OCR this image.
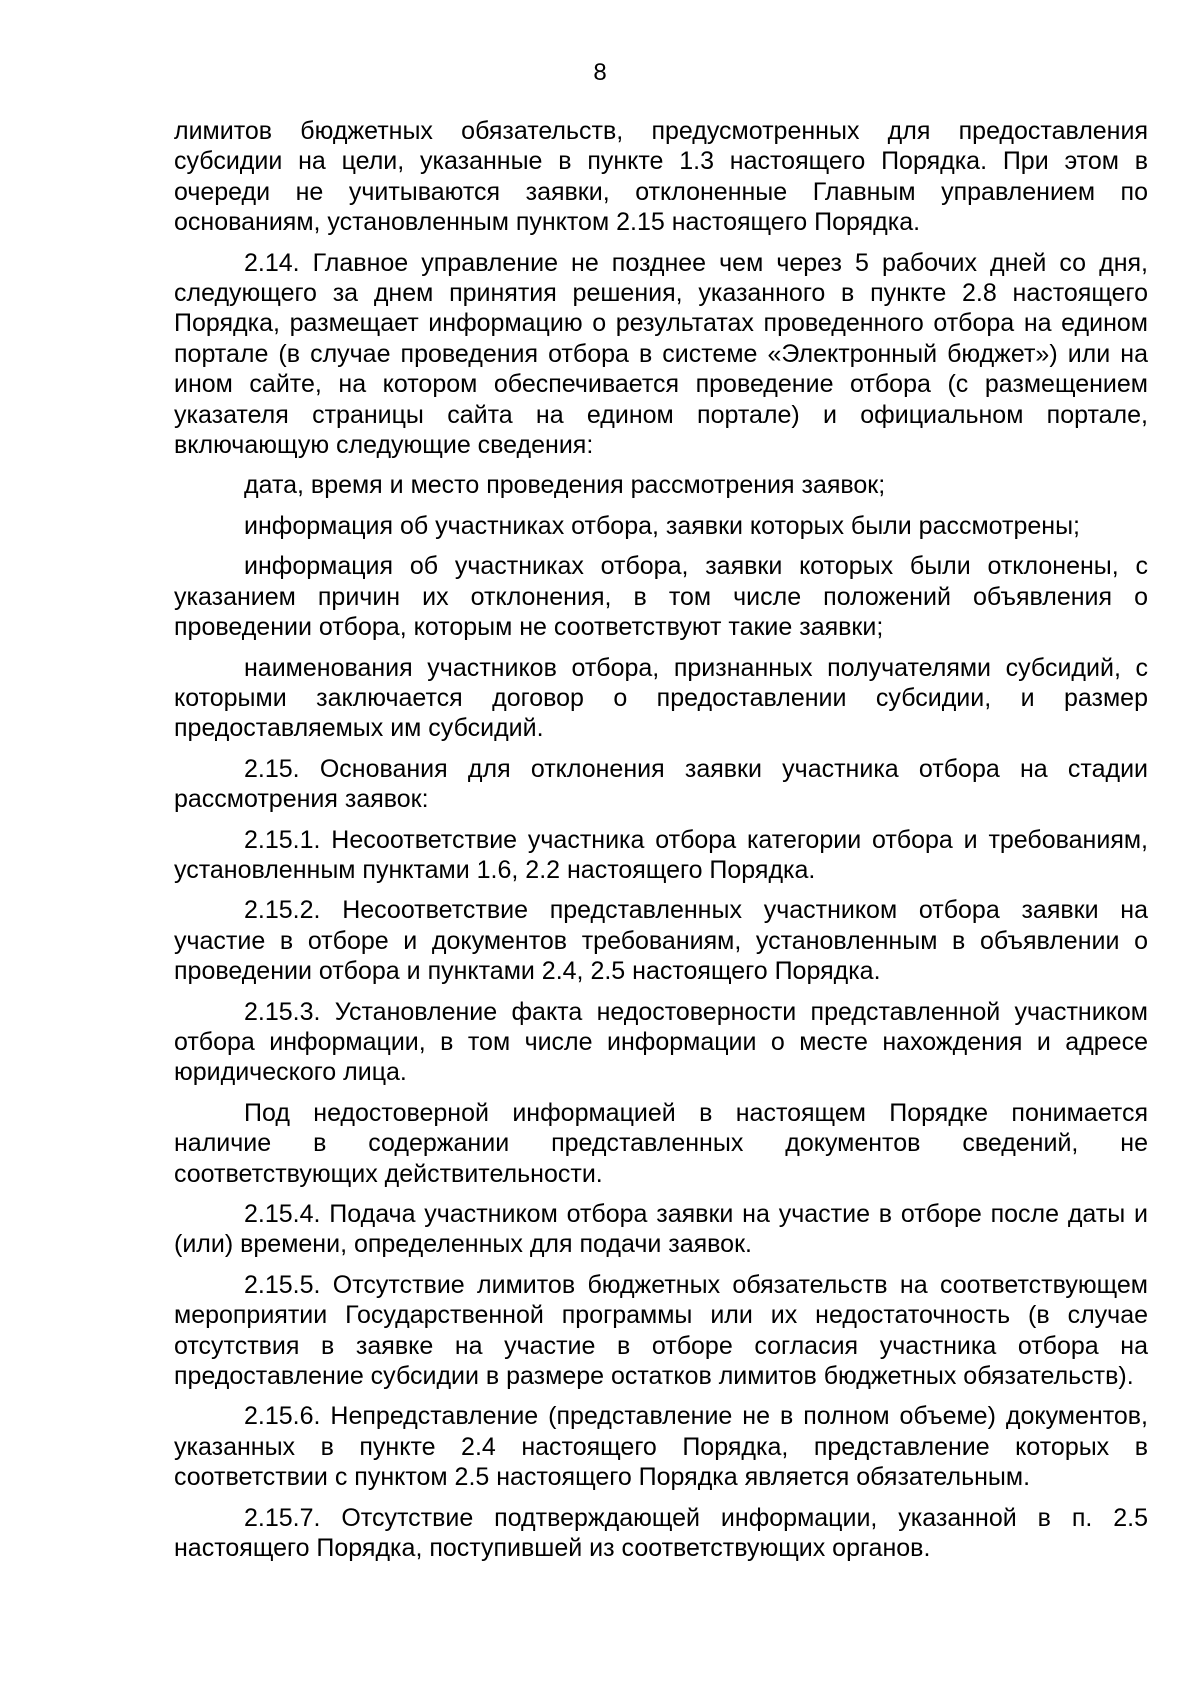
8

лимитов бюджетных обязательств, предусмотренных для предоставления субсидии на цели, указанные в пункте 1.3 настоящего Порядка. При этом в очереди не учитываются заявки, отклоненные Главным управлением по основаниям, установленным пунктом 2.15 настоящего Порядка.

2.14. Главное управление не позднее чем через 5 рабочих дней со дня, следующего за днем принятия решения, указанного в пункте 2.8 настоящего Порядка, размещает информацию о результатах проведенного отбора на едином портале (в случае проведения отбора в системе «Электронный бюджет») или на ином сайте, на котором обеспечивается проведение отбора (с размещением указателя страницы сайта на едином портале) и официальном портале, включающую следующие сведения:

дата, время и место проведения рассмотрения заявок;

информация об участниках отбора, заявки которых были рассмотрены;

информация об участниках отбора, заявки которых были отклонены, с указанием причин их отклонения, в том числе положений объявления о проведении отбора, которым не соответствуют такие заявки;

наименования участников отбора, признанных получателями субсидий, с которыми заключается договор о предоставлении субсидии, и размер предоставляемых им субсидий.

2.15. Основания для отклонения заявки участника отбора на стадии рассмотрения заявок:

2.15.1. Несоответствие участника отбора категории отбора и требованиям, установленным пунктами 1.6, 2.2 настоящего Порядка.

2.15.2. Несоответствие представленных участником отбора заявки на участие в отборе и документов требованиям, установленным в объявлении о проведении отбора и пунктами 2.4, 2.5 настоящего Порядка.

2.15.3. Установление факта недостоверности представленной участником отбора информации, в том числе информации о месте нахождения и адресе юридического лица.

Под недостоверной информацией в настоящем Порядке понимается наличие в содержании представленных документов сведений, не соответствующих действительности.

2.15.4. Подача участником отбора заявки на участие в отборе после даты и (или) времени, определенных для подачи заявок.

2.15.5. Отсутствие лимитов бюджетных обязательств на соответствующем мероприятии Государственной программы или их недостаточность (в случае отсутствия в заявке на участие в отборе согласия участника отбора на предоставление субсидии в размере остатков лимитов бюджетных обязательств).

2.15.6. Непредставление (представление не в полном объеме) документов, указанных в пункте 2.4 настоящего Порядка, представление которых в соответствии с пунктом 2.5 настоящего Порядка является обязательным.

2.15.7. Отсутствие подтверждающей информации, указанной в п. 2.5 настоящего Порядка, поступившей из соответствующих органов.
